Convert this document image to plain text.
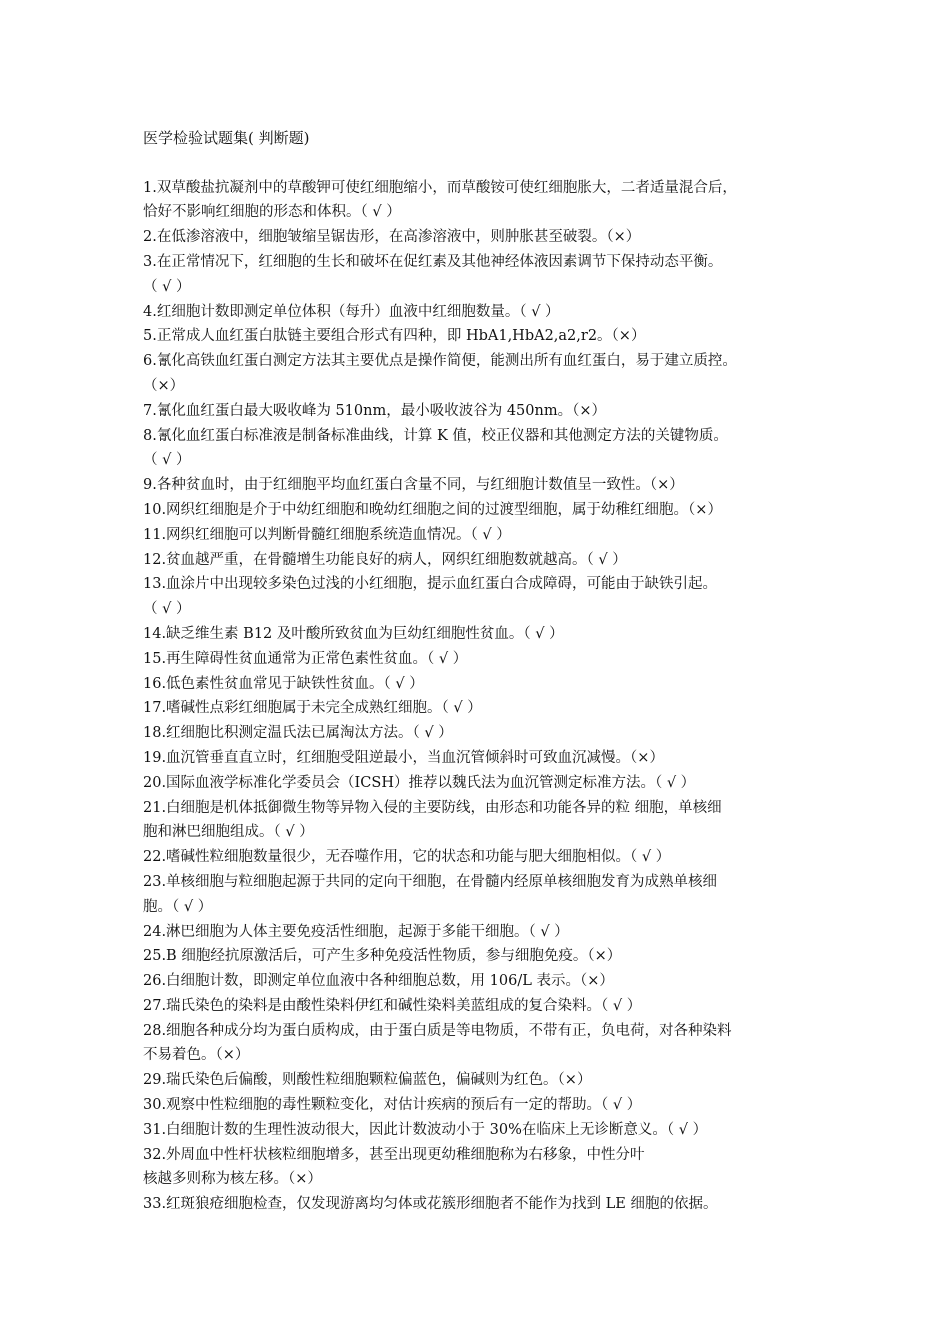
医学检验试题集( 判断题)
1.双草酸盐抗凝剂中的草酸钾可使红细胞缩小，而草酸铵可使红细胞胀大，二者适量混合后，
恰好不影响红细胞的形态和体积。（ √ ）
2.在低渗溶液中，细胞皱缩呈锯齿形，在高渗溶液中，则肿胀甚至破裂。（×）
3.在正常情况下，红细胞的生长和破坏在促红素及其他神经体液因素调节下保持动态平衡。
（ √ ）
4.红细胞计数即测定单位体积（每升）血液中红细胞数量。（ √ ）
5.正常成人血红蛋白肽链主要组合形式有四种，即 HbA1,HbA2,a2,r2。（×）
6.氰化高铁血红蛋白测定方法其主要优点是操作简便，能测出所有血红蛋白，易于建立质控。
（×）
7.氰化血红蛋白最大吸收峰为 510nm，最小吸收波谷为 450nm。（×）
8.氰化血红蛋白标准液是制备标准曲线，计算 K 值，校正仪器和其他测定方法的关键物质。
（ √ ）
9.各种贫血时，由于红细胞平均血红蛋白含量不同，与红细胞计数值呈一致性。（×）
10.网织红细胞是介于中幼红细胞和晚幼红细胞之间的过渡型细胞，属于幼稚红细胞。（×）
11.网织红细胞可以判断骨髓红细胞系统造血情况。（ √ ）
12.贫血越严重，在骨髓增生功能良好的病人，网织红细胞数就越高。（ √ ）
13.血涂片中出现较多染色过浅的小红细胞，提示血红蛋白合成障碍，可能由于缺铁引起。
（ √ ）
14.缺乏维生素 B12 及叶酸所致贫血为巨幼红细胞性贫血。（ √ ）
15.再生障碍性贫血通常为正常色素性贫血。（ √ ）
16.低色素性贫血常见于缺铁性贫血。（ √ ）
17.嗜碱性点彩红细胞属于未完全成熟红细胞。（ √ ）
18.红细胞比积测定温氏法已属淘汰方法。（ √ ）
19.血沉管垂直直立时，红细胞受阻逆最小，当血沉管倾斜时可致血沉减慢。（×）
20.国际血液学标准化学委员会（ICSH）推荐以魏氏法为血沉管测定标准方法。（ √ ）
21.白细胞是机体抵御微生物等异物入侵的主要防线，由形态和功能各异的粒 细胞，单核细
胞和淋巴细胞组成。（ √ ）
22.嗜碱性粒细胞数量很少，无吞噬作用，它的状态和功能与肥大细胞相似。（ √ ）
23.单核细胞与粒细胞起源于共同的定向干细胞，在骨髓内经原单核细胞发育为成熟单核细
胞。（ √ ）
24.淋巴细胞为人体主要免疫活性细胞，起源于多能干细胞。（ √ ）
25.B 细胞经抗原激活后，可产生多种免疫活性物质，参与细胞免疫。（×）
26.白细胞计数，即测定单位血液中各种细胞总数，用 106/L 表示。（×）
27.瑞氏染色的染料是由酸性染料伊红和碱性染料美蓝组成的复合染料。（ √ ）
28.细胞各种成分均为蛋白质构成，由于蛋白质是等电物质，不带有正，负电荷，对各种染料
不易着色。（×）
29.瑞氏染色后偏酸，则酸性粒细胞颗粒偏蓝色，偏碱则为红色。（×）
30.观察中性粒细胞的毒性颗粒变化，对估计疾病的预后有一定的帮助。（ √ ）
31.白细胞计数的生理性波动很大，因此计数波动小于 30%在临床上无诊断意义。（ √ ）
32.外周血中性杆状核粒细胞增多，甚至出现更幼稚细胞称为右移象，中性分叶
核越多则称为核左移。（×）
33.红斑狼疮细胞检查，仅发现游离均匀体或花簇形细胞者不能作为找到 LE 细胞的依据。
